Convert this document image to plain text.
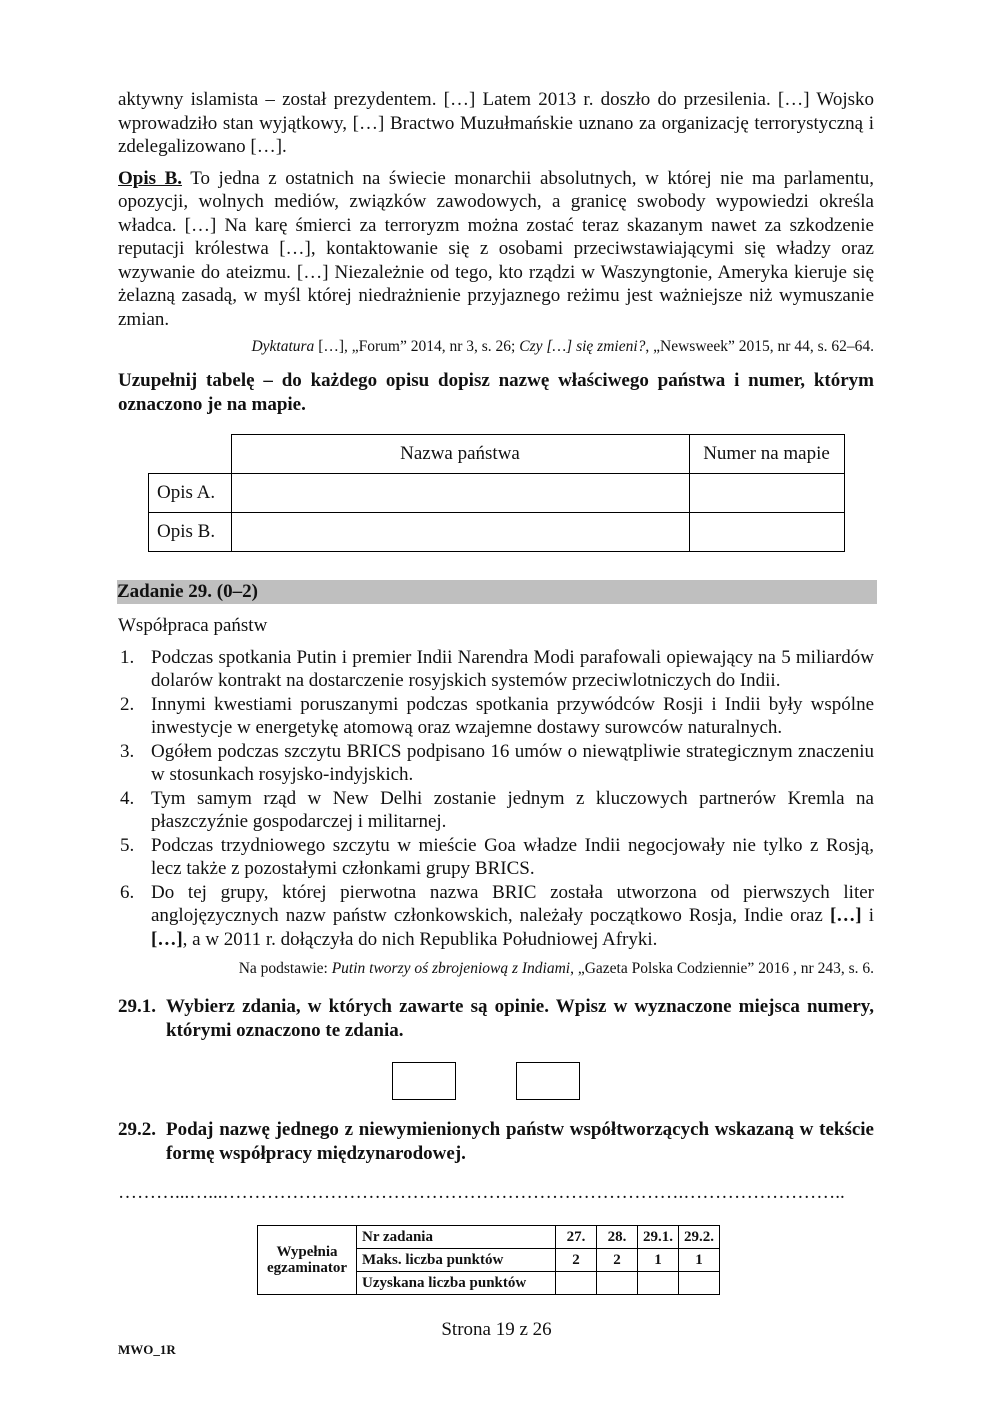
aktywny islamista – został prezydentem. […] Latem 2013 r. doszło do przesilenia. […] Wojsko wprowadziło stan wyjątkowy, […] Bractwo Muzułmańskie uznano za organizację terrorystyczną i zdelegalizowano […].

Opis B. To jedna z ostatnich na świecie monarchii absolutnych, w której nie ma parlamentu, opozycji, wolnych mediów, związków zawodowych, a granicę swobody wypowiedzi określa władca. […] Na karę śmierci za terroryzm można zostać teraz skazanym nawet za szkodzenie reputacji królestwa […], kontaktowanie się z osobami przeciwstawiającymi się władzy oraz wzywanie do ateizmu. […] Niezależnie od tego, kto rządzi w Waszyngtonie, Ameryka kieruje się żelazną zasadą, w myśl której niedrażnienie przyjaznego reżimu jest ważniejsze niż wymuszanie zmian.

Dyktatura […], „Forum” 2014, nr 3, s. 26; Czy […] się zmieni?, „Newsweek” 2015, nr 44, s. 62–64.

Uzupełnij tabelę – do każdego opisu dopisz nazwę właściwego państwa i numer, którym oznaczono je na mapie.

	Nazwa państwa	Numer na mapie
Opis A.		
Opis B.		
Zadanie 29. (0–2)
Współpraca państw
1. Podczas spotkania Putin i premier Indii Narendra Modi parafowali opiewający na 5 miliardów dolarów kontrakt na dostarczenie rosyjskich systemów przeciwlotniczych do Indii.
2. Innymi kwestiami poruszanymi podczas spotkania przywódców Rosji i Indii były wspólne inwestycje w energetykę atomową oraz wzajemne dostawy surowców naturalnych.
3. Ogółem podczas szczytu BRICS podpisano 16 umów o niewątpliwie strategicznym znaczeniu w stosunkach rosyjsko-indyjskich.
4. Tym samym rząd w New Delhi zostanie jednym z kluczowych partnerów Kremla na płaszczyźnie gospodarczej i militarnej.
5. Podczas trzydniowego szczytu w mieście Goa władze Indii negocjowały nie tylko z Rosją, lecz także z pozostałymi członkami grupy BRICS.
6. Do tej grupy, której pierwotna nazwa BRIC została utworzona od pierwszych liter anglojęzycznych nazw państw członkowskich, należały początkowo Rosja, Indie oraz […] i […], a w 2011 r. dołączyła do nich Republika Południowej Afryki.
Na podstawie: Putin tworzy oś zbrojeniową z Indiami, „Gazeta Polska Codziennie” 2016 , nr 243, s. 6.
29.1. Wybierz zdania, w których zawarte są opinie. Wpisz w wyznaczone miejsca numery, którymi oznaczono te zdania.
29.2. Podaj nazwę jednego z niewymienionych państw współtworzących wskazaną w tekście formę współpracy międzynarodowej.
………...…...……………………………………………………………….……………………..
Wypełnia egzaminator	Nr zadania	27.	28.	29.1.	29.2.
	Maks. liczba punktów	2	2	1	1
	Uzyskana liczba punktów				
Strona 19 z 26
MWO_1R
